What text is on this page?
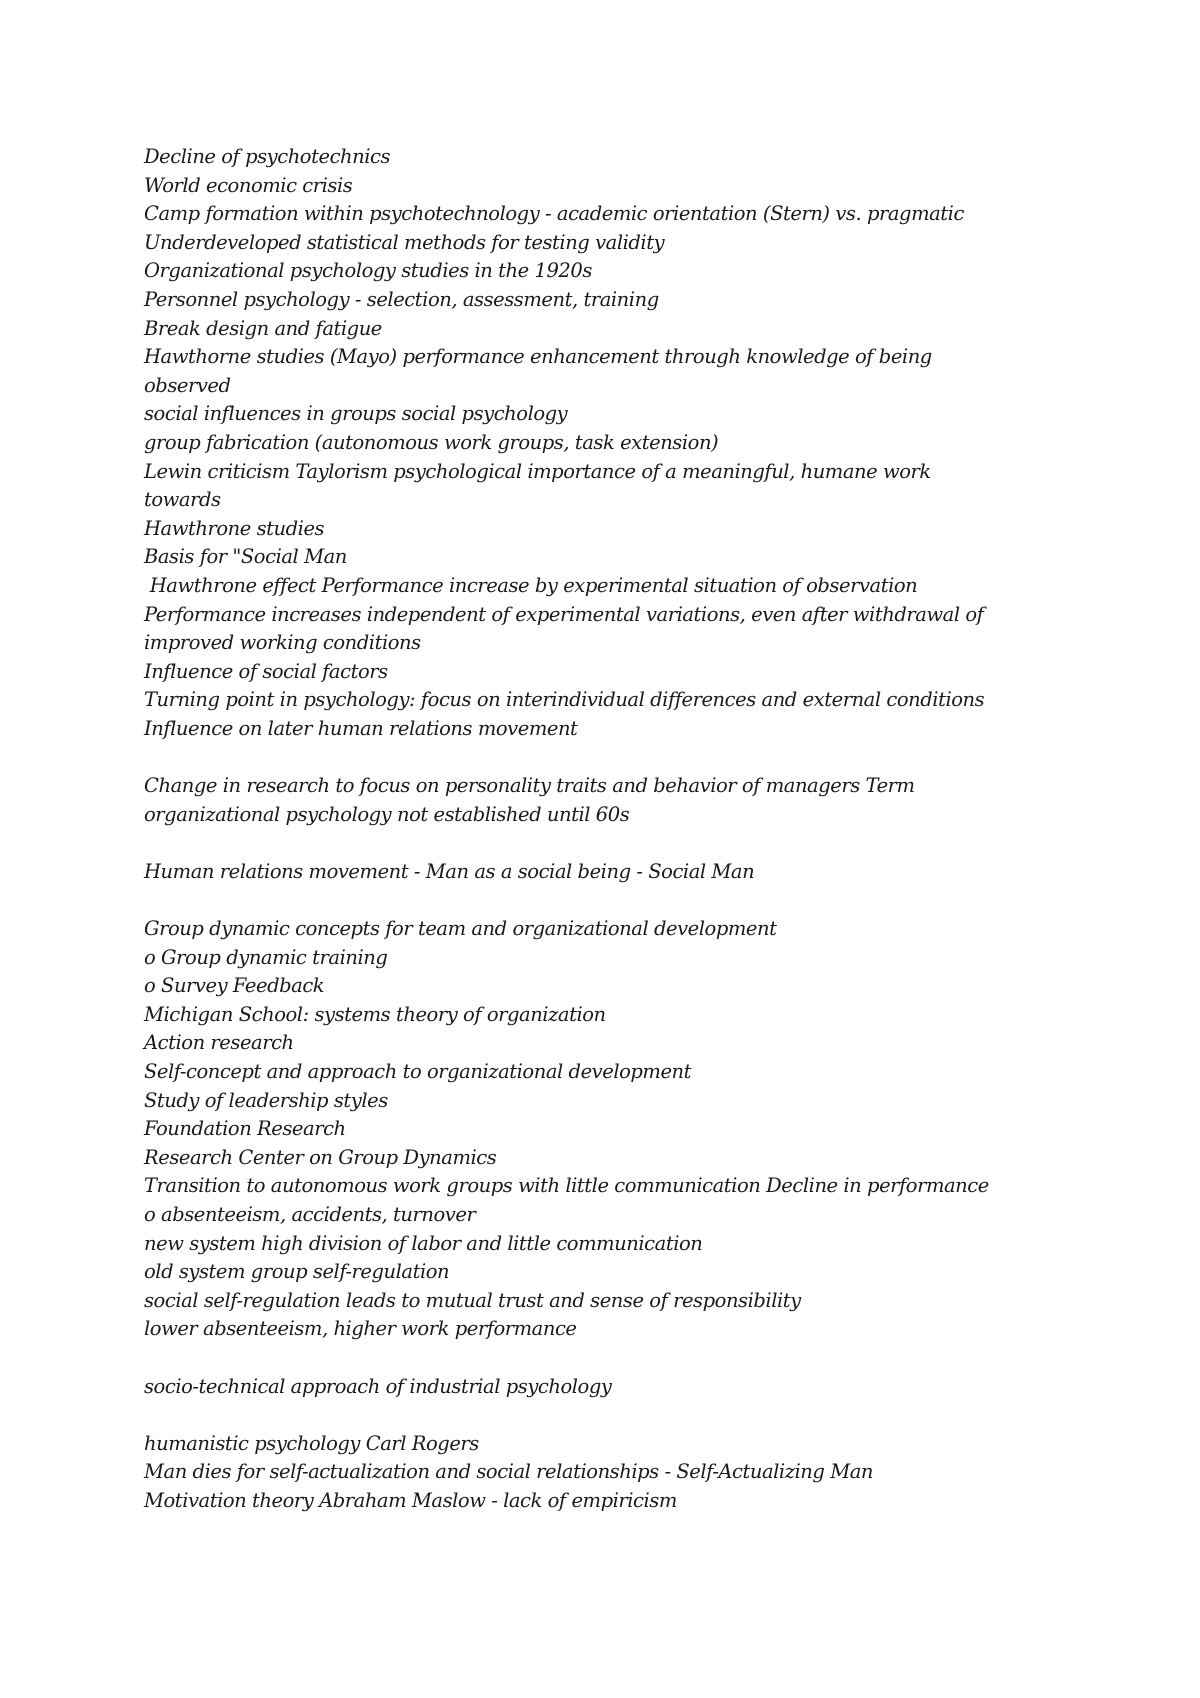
Decline of psychotechnics
World economic crisis
Camp formation within psychotechnology - academic orientation (Stern) vs. pragmatic
Underdeveloped statistical methods for testing validity
Organizational psychology studies in the 1920s
Personnel psychology - selection, assessment, training
Break design and fatigue
Hawthorne studies (Mayo) performance enhancement through knowledge of being
observed
social influences in groups social psychology
group fabrication (autonomous work groups, task extension)
Lewin criticism Taylorism psychological importance of a meaningful, humane work
towards
Hawthrone studies
Basis for "Social Man
Hawthrone effect Performance increase by experimental situation of observation
Performance increases independent of experimental variations, even after withdrawal of
improved working conditions
Influence of social factors
Turning point in psychology: focus on interindividual differences and external conditions
Influence on later human relations movement
Change in research to focus on personality traits and behavior of managers Term
organizational psychology not established until 60s
Human relations movement - Man as a social being - Social Man
Group dynamic concepts for team and organizational development
o Group dynamic training
o Survey Feedback
Michigan School: systems theory of organization
Action research
Self-concept and approach to organizational development
Study of leadership styles
Foundation Research
Research Center on Group Dynamics
Transition to autonomous work groups with little communication Decline in performance
o absenteeism, accidents, turnover
new system high division of labor and little communication
old system group self-regulation
social self-regulation leads to mutual trust and sense of responsibility
lower absenteeism, higher work performance
socio-technical approach of industrial psychology
humanistic psychology Carl Rogers
Man dies for self-actualization and social relationships - Self-Actualizing Man
Motivation theory Abraham Maslow - lack of empiricism
